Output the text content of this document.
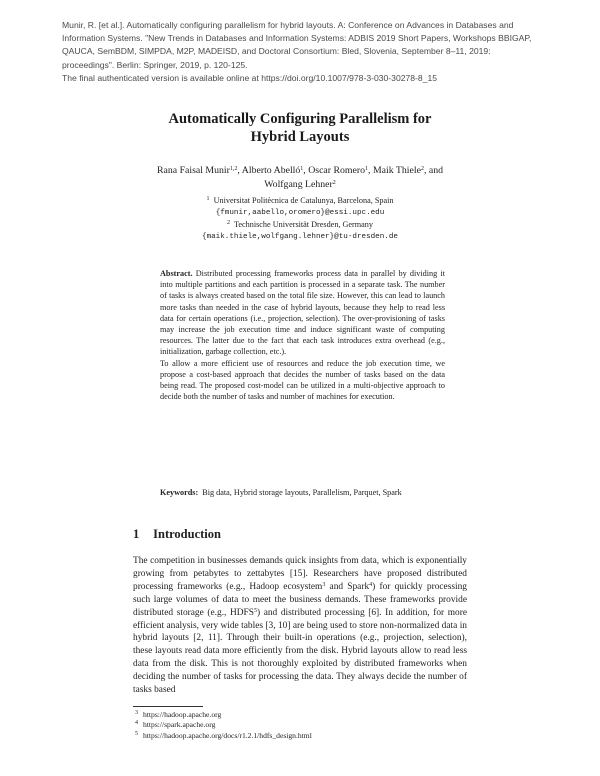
Munir, R. [et al.]. Automatically configuring parallelism for hybrid layouts. A: Conference on Advances in Databases and
Information Systems. "New Trends in Databases and Information Systems: ADBIS 2019 Short Papers, Workshops BBIGAP,
QAUCA, SemBDM, SIMPDA, M2P, MADEISD, and Doctoral Consortium: Bled, Slovenia, September 8–11, 2019:
proceedings". Berlin: Springer, 2019, p. 120-125.
The final authenticated version is available online at https://doi.org/10.1007/978-3-030-30278-8_15
Automatically Configuring Parallelism for
Hybrid Layouts
Rana Faisal Munir$^{1,2}$, Alberto Abelló$^1$, Oscar Romero$^1$, Maik Thiele$^2$, and
Wolfgang Lehner$^2$
$^1$ Universitat Politècnica de Catalunya, Barcelona, Spain
{fmunir,aabello,oromero}@essi.upc.edu
$^2$ Technische Universität Dresden, Germany
{maik.thiele,wolfgang.lehner}@tu-dresden.de

Abstract. Distributed processing frameworks process data in parallel by dividing it into multiple partitions and each partition is processed in a separate task. The number of tasks is always created based on the total file size. However, this can lead to launch more tasks than needed in the case of hybrid layouts, because they help to read less data for certain operations (i.e., projection, selection). The over-provisioning of tasks may increase the job execution time and induce significant waste of computing resources. The latter due to the fact that each task introduces extra overhead (e.g., initialization, garbage collection, etc.).

To allow a more efficient use of resources and reduce the job execution time, we propose a cost-based approach that decides the number of tasks based on the data being read. The proposed cost-model can be utilized in a multi-objective approach to decide both the number of tasks and number of machines for execution.

Keywords: Big data, Hybrid storage layouts, Parallelism, Parquet, Spark
1 Introduction

The competition in businesses demands quick insights from data, which is exponentially growing from petabytes to zettabytes [15]. Researchers have proposed distributed processing frameworks (e.g., Hadoop ecosystem$^3$ and Spark$^4$) for quickly processing such large volumes of data to meet the business demands. These frameworks provide distributed storage (e.g., HDFS$^5$) and distributed processing [6]. In addition, for more efficient analysis, very wide tables [3, 10] are being used to store non-normalized data in hybrid layouts [2, 11]. Through their built-in operations (e.g., projection, selection), these layouts read data more efficiently from the disk. Hybrid layouts allow to read less data from the disk. This is not thoroughly exploited by distributed frameworks when deciding the number of tasks for processing the data. They always decide the number of tasks based

3 https://hadoop.apache.org
4 https://spark.apache.org
5 https://hadoop.apache.org/docs/r1.2.1/hdfs_design.html
